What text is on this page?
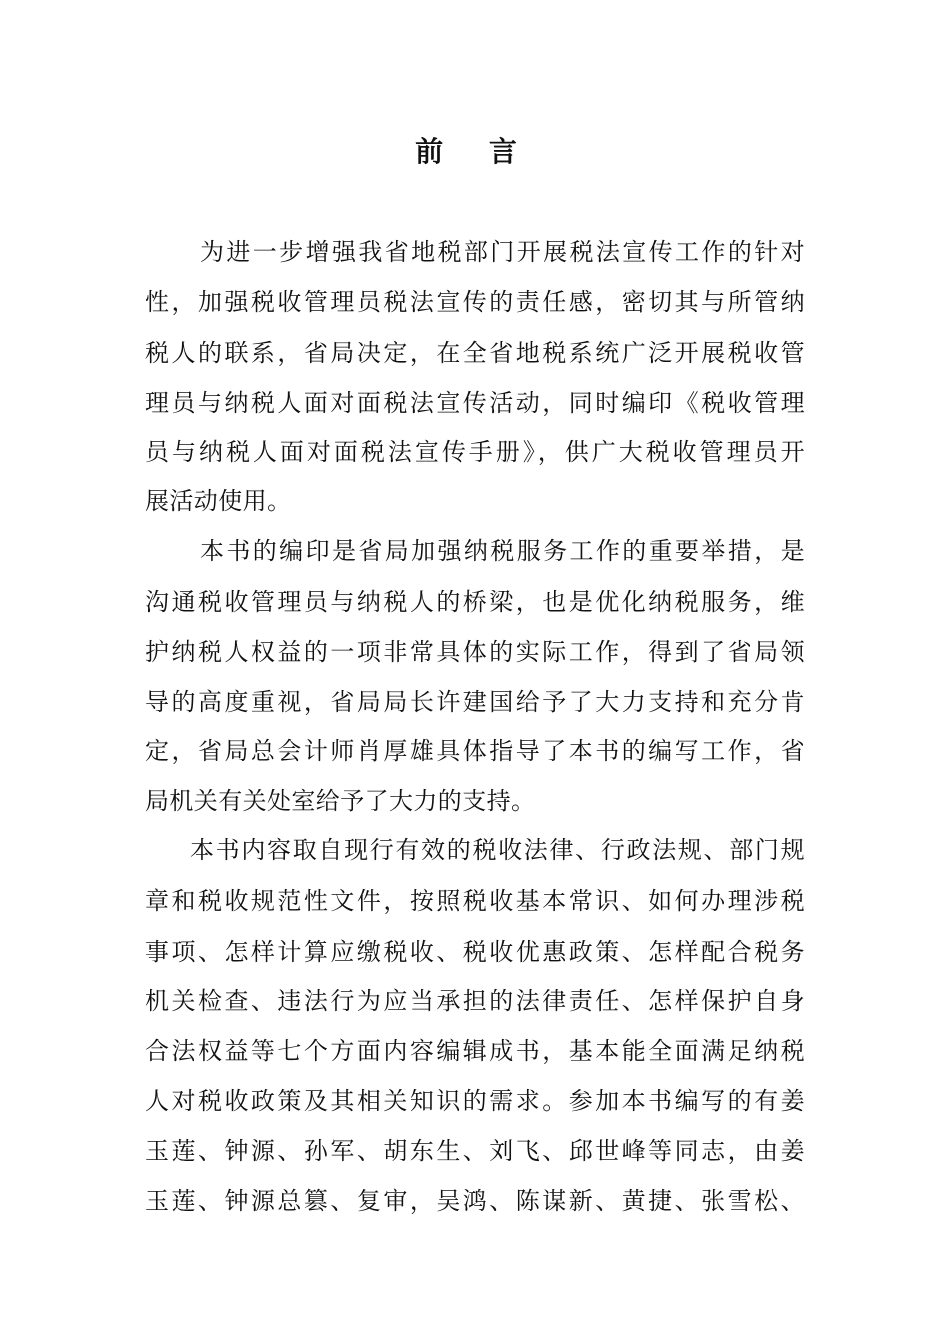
前 言
为进一步增强我省地税部门开展税法宣传工作的针对
性，加强税收管理员税法宣传的责任感，密切其与所管纳
税人的联系，省局决定，在全省地税系统广泛开展税收管
理员与纳税人面对面税法宣传活动，同时编印《税收管理
员与纳税人面对面税法宣传手册》，供广大税收管理员开
展活动使用。
本书的编印是省局加强纳税服务工作的重要举措，是
沟通税收管理员与纳税人的桥梁，也是优化纳税服务，维
护纳税人权益的一项非常具体的实际工作，得到了省局领
导的高度重视，省局局长许建国给予了大力支持和充分肯
定，省局总会计师肖厚雄具体指导了本书的编写工作，省
局机关有关处室给予了大力的支持。
本书内容取自现行有效的税收法律、行政法规、部门规
章和税收规范性文件，按照税收基本常识、如何办理涉税
事项、怎样计算应缴税收、税收优惠政策、怎样配合税务
机关检查、违法行为应当承担的法律责任、怎样保护自身
合法权益等七个方面内容编辑成书，基本能全面满足纳税
人对税收政策及其相关知识的需求。参加本书编写的有姜
玉莲、钟源、孙军、胡东生、刘飞、邱世峰等同志，由姜
玉莲、钟源总篡、复审，吴鸿、陈谋新、黄捷、张雪松、
